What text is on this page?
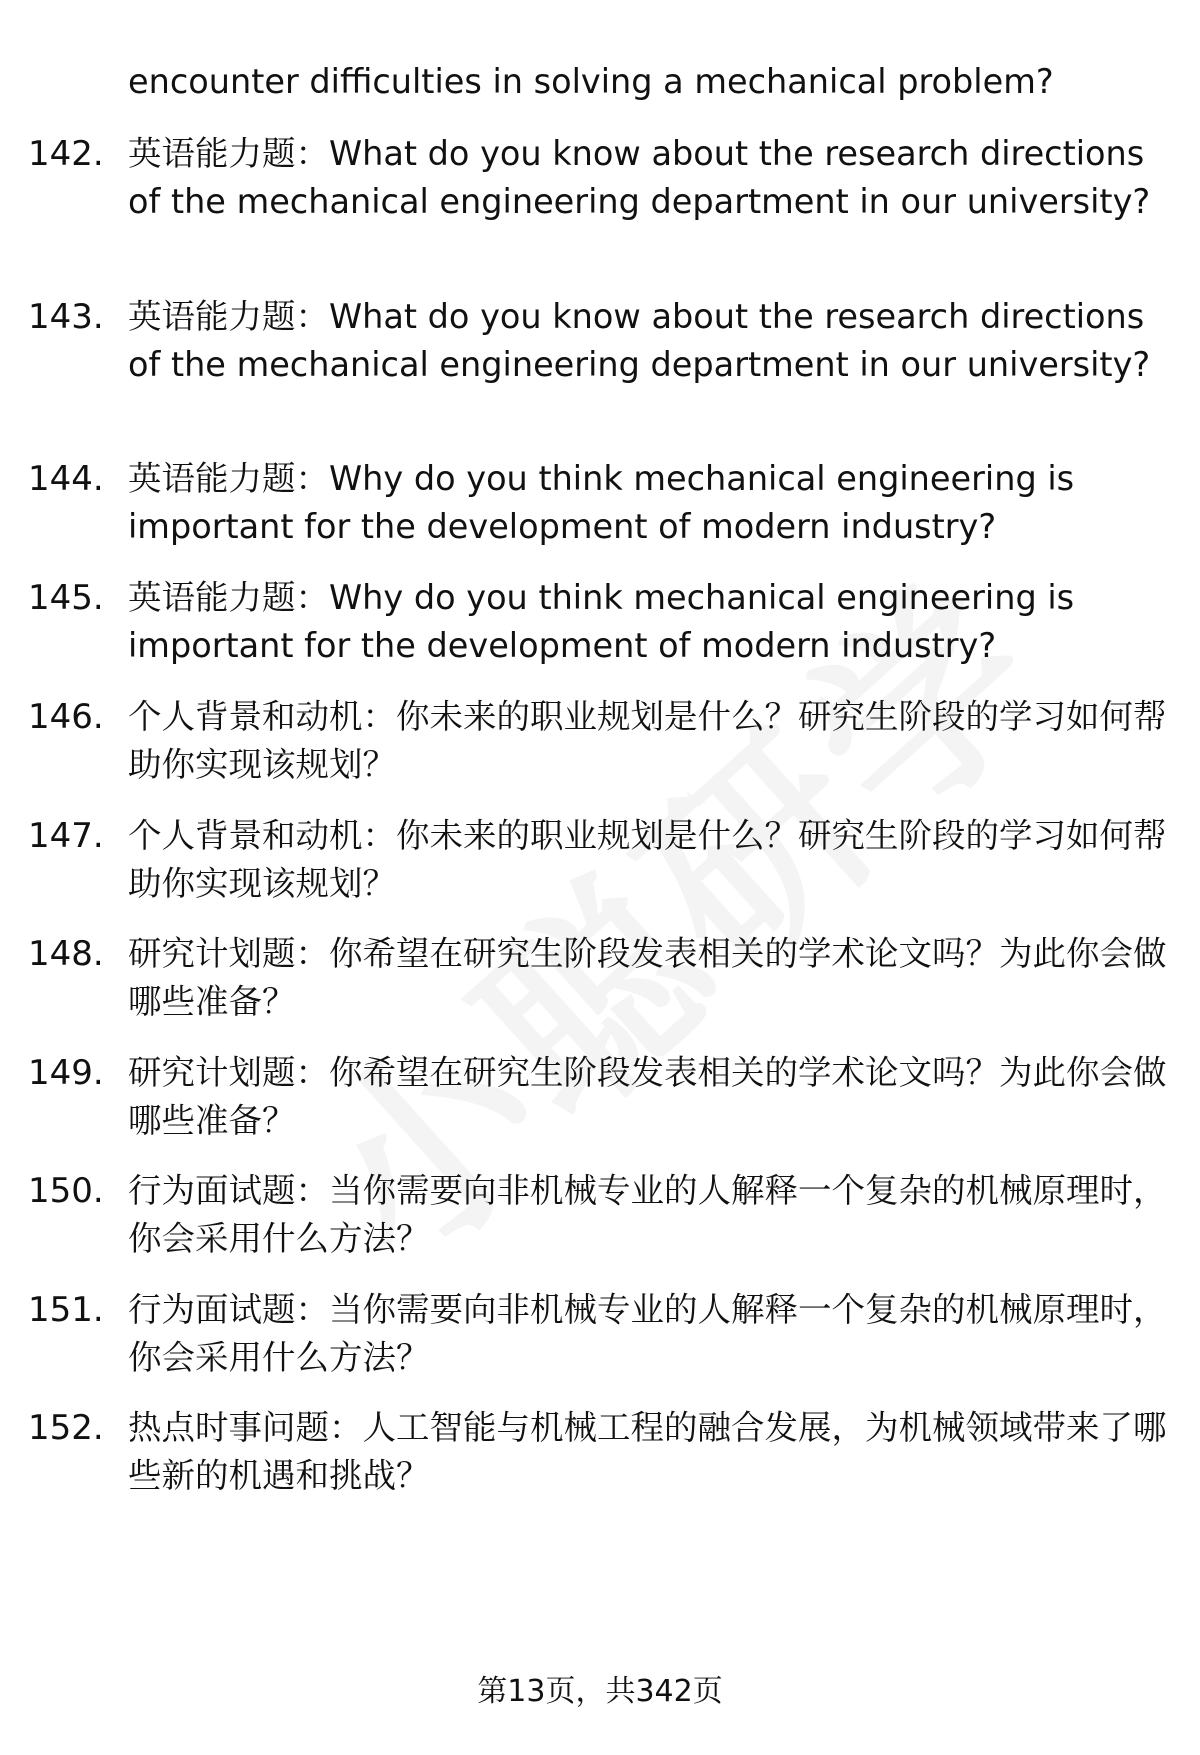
encounter difficulties in solving a mechanical problem?
142. 英语能力题：What do you know about the research directions of the mechanical engineering department in our university?
143. 英语能力题：What do you know about the research directions of the mechanical engineering department in our university?
144. 英语能力题：Why do you think mechanical engineering is important for the development of modern industry?
145. 英语能力题：Why do you think mechanical engineering is important for the development of modern industry?
146. 个人背景和动机：你未来的职业规划是什么？研究生阶段的学习如何帮助你实现该规划？
147. 个人背景和动机：你未来的职业规划是什么？研究生阶段的学习如何帮助你实现该规划？
148. 研究计划题：你希望在研究生阶段发表相关的学术论文吗？为此你会做哪些准备？
149. 研究计划题：你希望在研究生阶段发表相关的学术论文吗？为此你会做哪些准备？
150. 行为面试题：当你需要向非机械专业的人解释一个复杂的机械原理时，你会采用什么方法？
151. 行为面试题：当你需要向非机械专业的人解释一个复杂的机械原理时，你会采用什么方法？
152. 热点时事问题：人工智能与机械工程的融合发展，为机械领域带来了哪些新的机遇和挑战？
第13页，共342页
